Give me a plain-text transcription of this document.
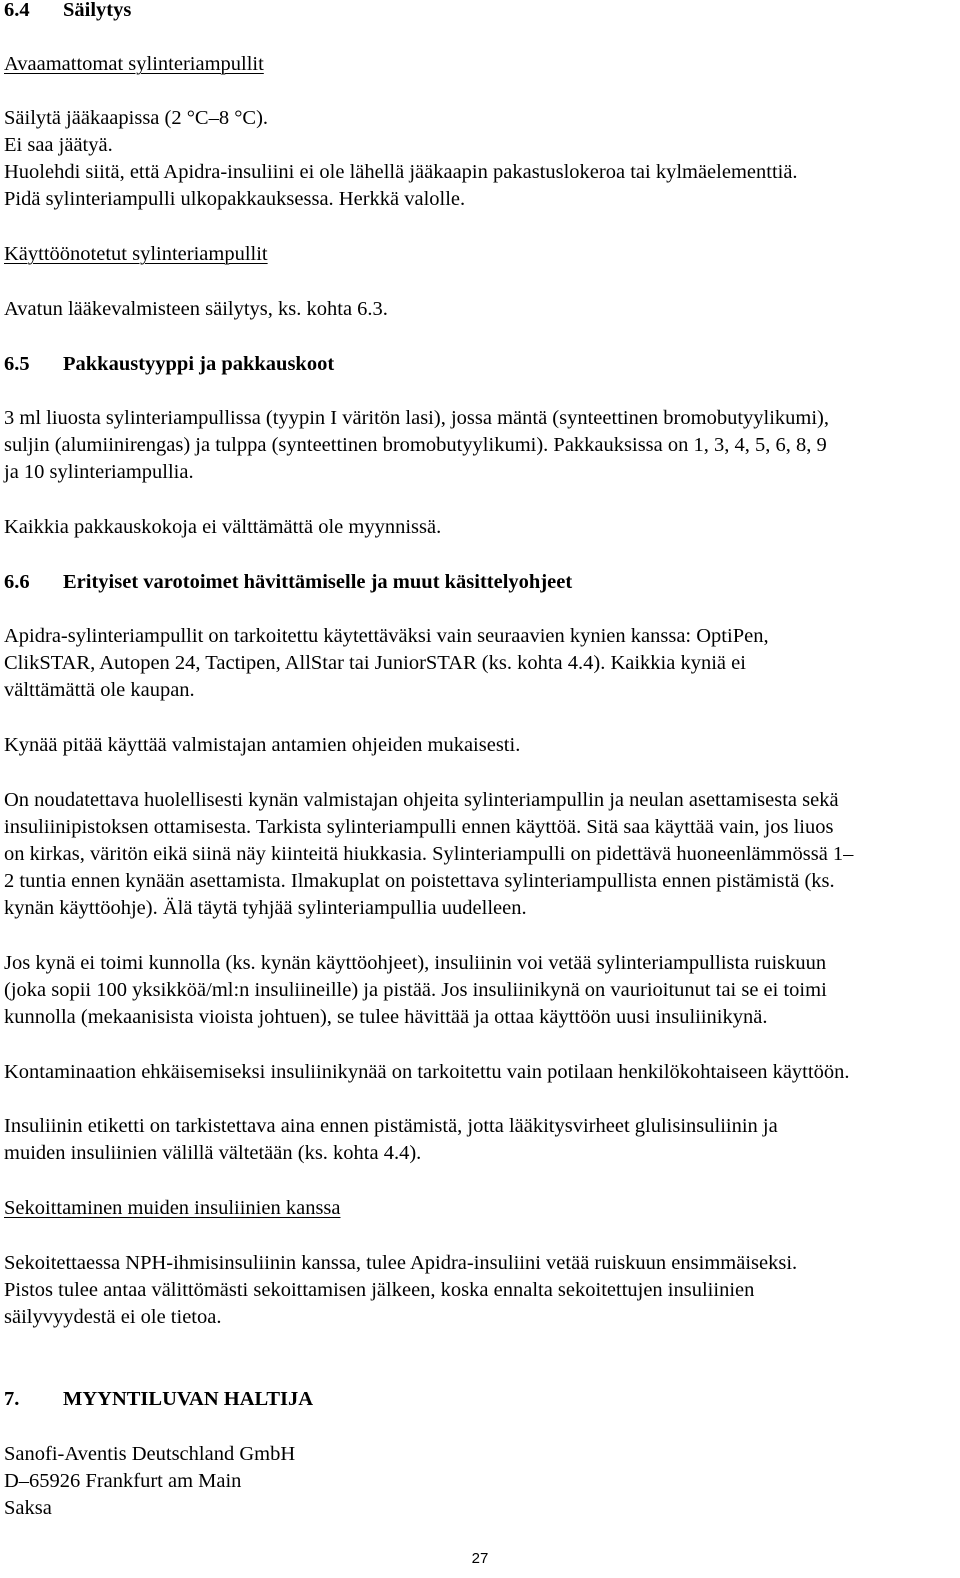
6.4 Säilytys
Avaamattomat sylinteriampullit
Säilytä jääkaapissa (2 °C–8 °C).
Ei saa jäätyä.
Huolehdi siitä, että Apidra-insuliini ei ole lähellä jääkaapin pakastuslokeroa tai kylmäelementtiä.
Pidä sylinteriampulli ulkopakkauksessa. Herkkä valolle.
Käyttöönotetut sylinteriampullit
Avatun lääkevalmisteen säilytys, ks. kohta 6.3.
6.5 Pakkaustyyppi ja pakkauskoot
3 ml liuosta sylinteriampullissa (tyypin I väritön lasi), jossa mäntä (synteettinen bromobutyylikumi),
suljin (alumiinirengas) ja tulppa (synteettinen bromobutyylikumi). Pakkauksissa on 1, 3, 4, 5, 6, 8, 9
ja 10 sylinteriampullia.
Kaikkia pakkauskokoja ei välttämättä ole myynnissä.
6.6 Erityiset varotoimet hävittämiselle ja muut käsittelyohjeet
Apidra-sylinteriampullit on tarkoitettu käytettäväksi vain seuraavien kynien kanssa: OptiPen,
ClikSTAR, Autopen 24, Tactipen, AllStar tai JuniorSTAR (ks. kohta 4.4). Kaikkia kyniä ei
välttämättä ole kaupan.
Kynää pitää käyttää valmistajan antamien ohjeiden mukaisesti.
On noudatettava huolellisesti kynän valmistajan ohjeita sylinteriampullin ja neulan asettamisesta sekä
insuliinipistoksen ottamisesta. Tarkista sylinteriampulli ennen käyttöä. Sitä saa käyttää vain, jos liuos
on kirkas, väritön eikä siinä näy kiinteitä hiukkasia. Sylinteriampulli on pidettävä huoneenlämmössä 1–
2 tuntia ennen kynään asettamista. Ilmakuplat on poistettava sylinteriampullista ennen pistämistä (ks.
kynän käyttöohje). Älä täytä tyhjää sylinteriampullia uudelleen.
Jos kynä ei toimi kunnolla (ks. kynän käyttöohjeet), insuliinin voi vetää sylinteriampullista ruiskuun
(joka sopii 100 yksikköä/ml:n insuliineille) ja pistää. Jos insuliinikynä on vaurioitunut tai se ei toimi
kunnolla (mekaanisista vioista johtuen), se tulee hävittää ja ottaa käyttöön uusi insuliinikynä.
Kontaminaation ehkäisemiseksi insuliinikynää on tarkoitettu vain potilaan henkilökohtaiseen käyttöön.
Insuliinin etiketti on tarkistettava aina ennen pistämistä, jotta lääkitysvirheet glulisinsuliinin ja
muiden insuliinien välillä vältetään (ks. kohta 4.4).
Sekoittaminen muiden insuliinien kanssa
Sekoitettaessa NPH-ihmisinsuliinin kanssa, tulee Apidra-insuliini vetää ruiskuun ensimmäiseksi.
Pistos tulee antaa välittömästi sekoittamisen jälkeen, koska ennalta sekoitettujen insuliinien
säilyvyydestä ei ole tietoa.
7. MYYNTILUVAN HALTIJA
Sanofi-Aventis Deutschland GmbH
D–65926 Frankfurt am Main
Saksa
27
